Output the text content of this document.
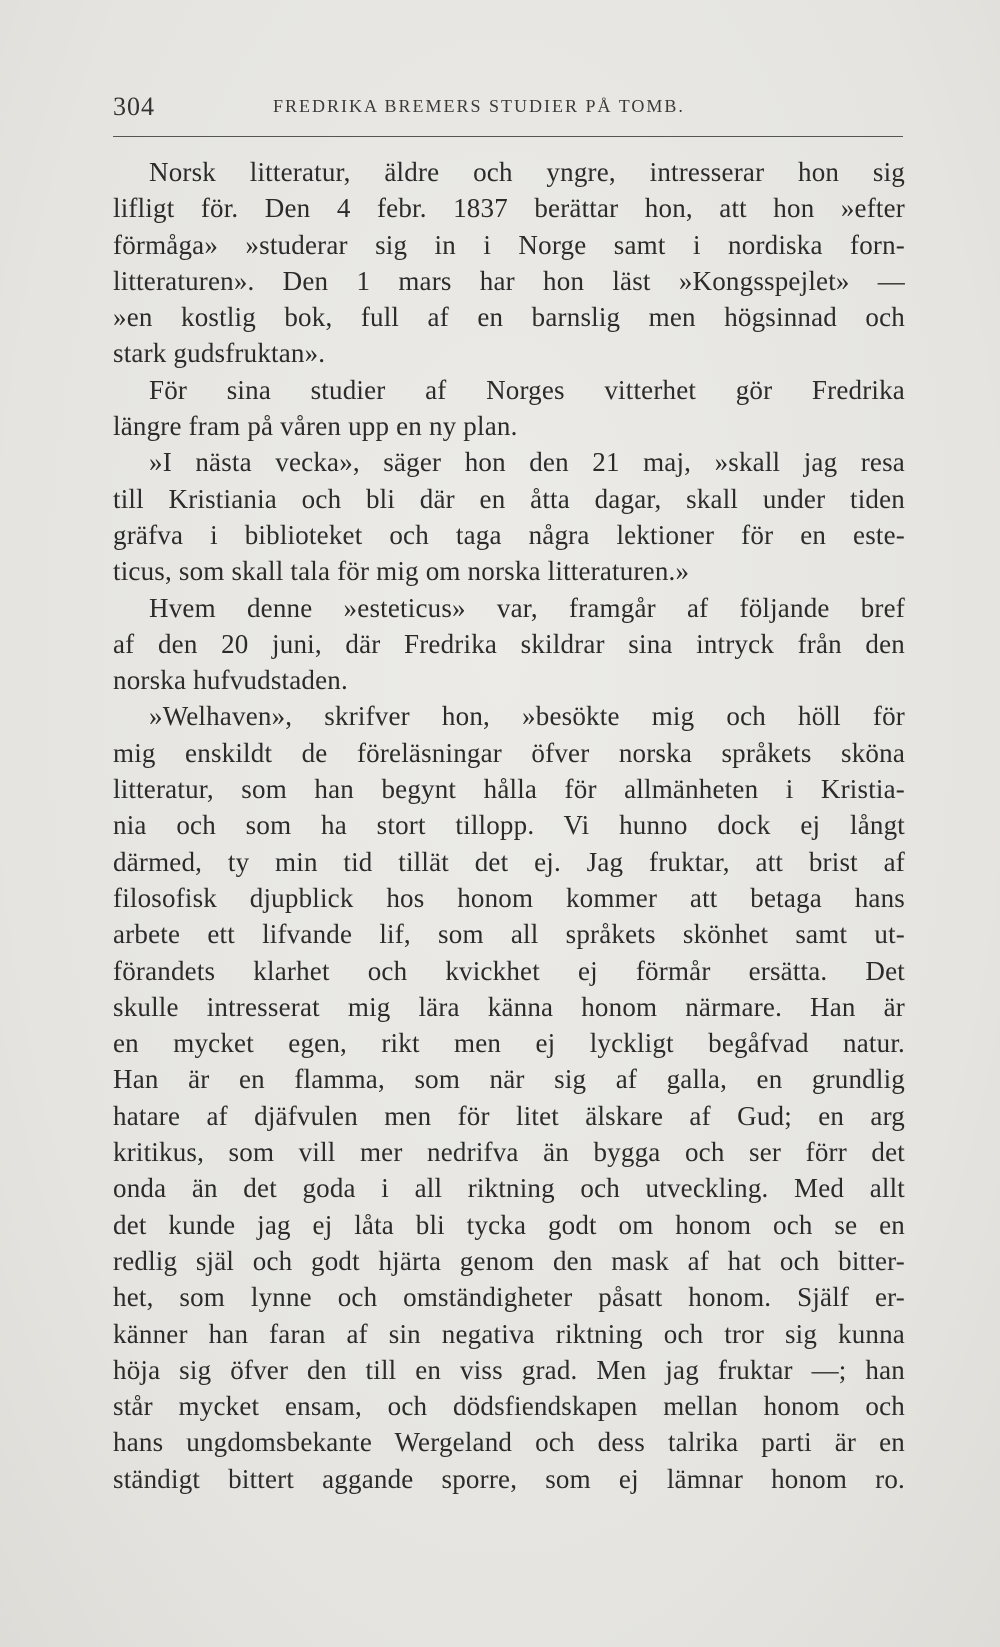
304	FREDRIKA BREMERS STUDIER PÅ TOMB.
Norsk litteratur, äldre och yngre, intresserar hon sig
lifligt för. Den 4 febr. 1837 berättar hon, att hon »efter
förmåga» »studerar sig in i Norge samt i nordiska forn-
litteraturen». Den 1 mars har hon läst »Kongsspejlet» —
»en kostlig bok, full af en barnslig men högsinnad och
stark gudsfruktan».
För sina studier af Norges vitterhet gör Fredrika
längre fram på våren upp en ny plan.
»I nästa vecka», säger hon den 21 maj, »skall jag resa
till Kristiania och bli där en åtta dagar, skall under tiden
gräfva i biblioteket och taga några lektioner för en este-
ticus, som skall tala för mig om norska litteraturen.»
Hvem denne »esteticus» var, framgår af följande bref
af den 20 juni, där Fredrika skildrar sina intryck från den
norska hufvudstaden.
»Welhaven», skrifver hon, »besökte mig och höll för
mig enskildt de föreläsningar öfver norska språkets sköna
litteratur, som han begynt hålla för allmänheten i Kristia-
nia och som ha stort tillopp. Vi hunno dock ej långt
därmed, ty min tid tillät det ej. Jag fruktar, att brist af
filosofisk djupblick hos honom kommer att betaga hans
arbete ett lifvande lif, som all språkets skönhet samt ut-
förandets klarhet och kvickhet ej förmår ersätta. Det
skulle intresserat mig lära känna honom närmare. Han är
en mycket egen, rikt men ej lyckligt begåfvad natur.
Han är en flamma, som när sig af galla, en grundlig
hatare af djäfvulen men för litet älskare af Gud; en arg
kritikus, som vill mer nedrifva än bygga och ser förr det
onda än det goda i all riktning och utveckling. Med allt
det kunde jag ej låta bli tycka godt om honom och se en
redlig själ och godt hjärta genom den mask af hat och bitter-
het, som lynne och omständigheter påsatt honom. Själf er-
känner han faran af sin negativa riktning och tror sig kunna
höja sig öfver den till en viss grad. Men jag fruktar —; han
står mycket ensam, och dödsfiendskapen mellan honom och
hans ungdomsbekante Wergeland och dess talrika parti är en
ständigt bittert aggande sporre, som ej lämnar honom ro.
